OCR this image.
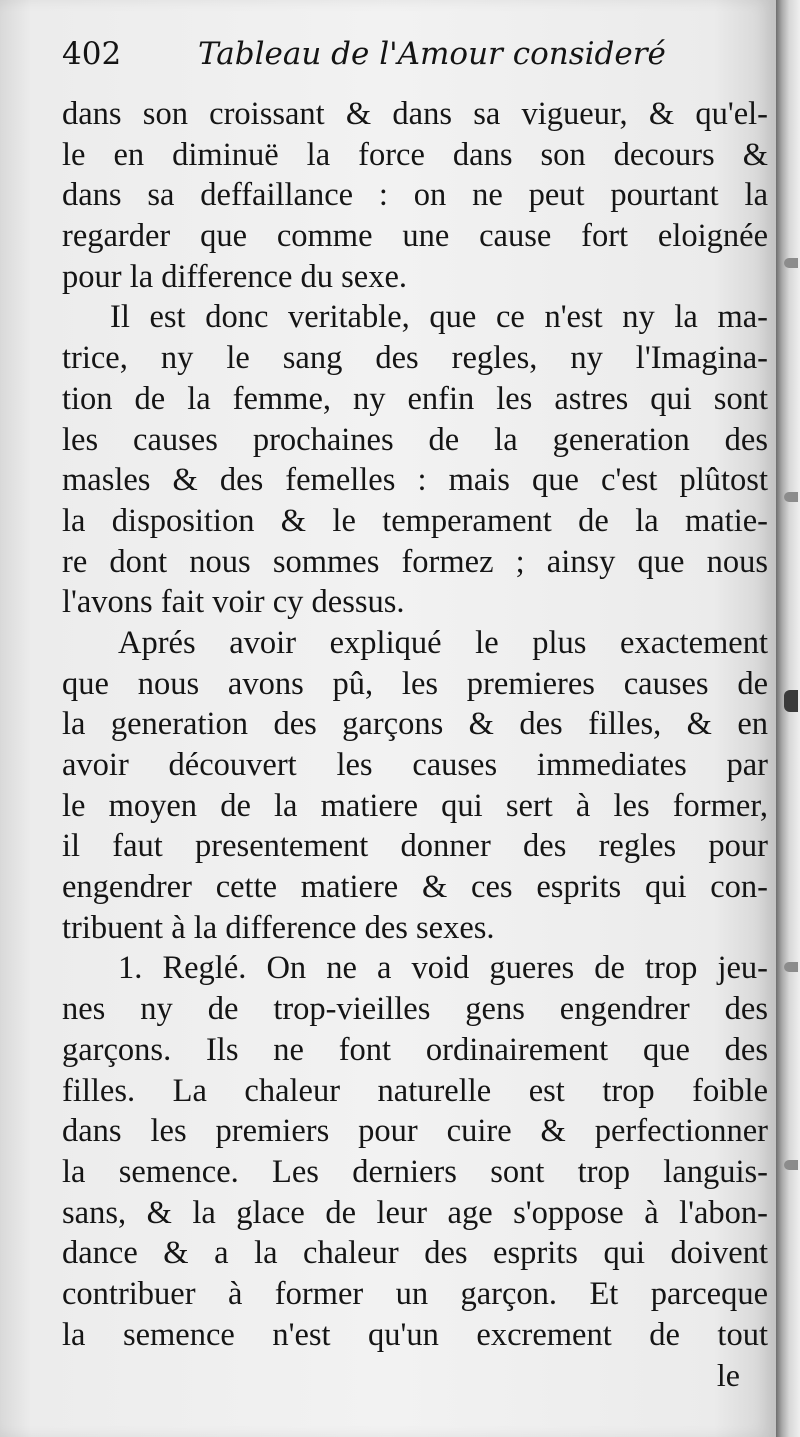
402 Tableau de l'Amour consideré
dans son croissant & dans sa vigueur, & qu'el-
le en diminuë la force dans son decours &
dans sa deffaillance : on ne peut pourtant la
regarder que comme une cause fort eloignée
pour la difference du sexe.
Il est donc veritable, que ce n'est ny la ma-
trice, ny le sang des regles, ny l'Imagina-
tion de la femme, ny enfin les astres qui sont
les causes prochaines de la generation des
masles & des femelles : mais que c'est plûtost
la disposition & le temperament de la matie-
re dont nous sommes formez ; ainsy que nous
l'avons fait voir cy dessus.
Aprés avoir expliqué le plus exactement
que nous avons pû, les premieres causes de
la generation des garçons & des filles, & en
avoir découvert les causes immediates par
le moyen de la matiere qui sert à les former,
il faut presentement donner des regles pour
engendrer cette matiere & ces esprits qui con-
tribuent à la difference des sexes.
1. Reglé. On ne a void gueres de trop jeu-
nes ny de trop-vieilles gens engendrer des
garçons. Ils ne font ordinairement que des
filles. La chaleur naturelle est trop foible
dans les premiers pour cuire & perfectionner
la semence. Les derniers sont trop languis-
sans, & la glace de leur age s'oppose à l'abon-
dance & a la chaleur des esprits qui doivent
contribuer à former un garçon. Et parceque
la semence n'est qu'un excrement de tout
le
